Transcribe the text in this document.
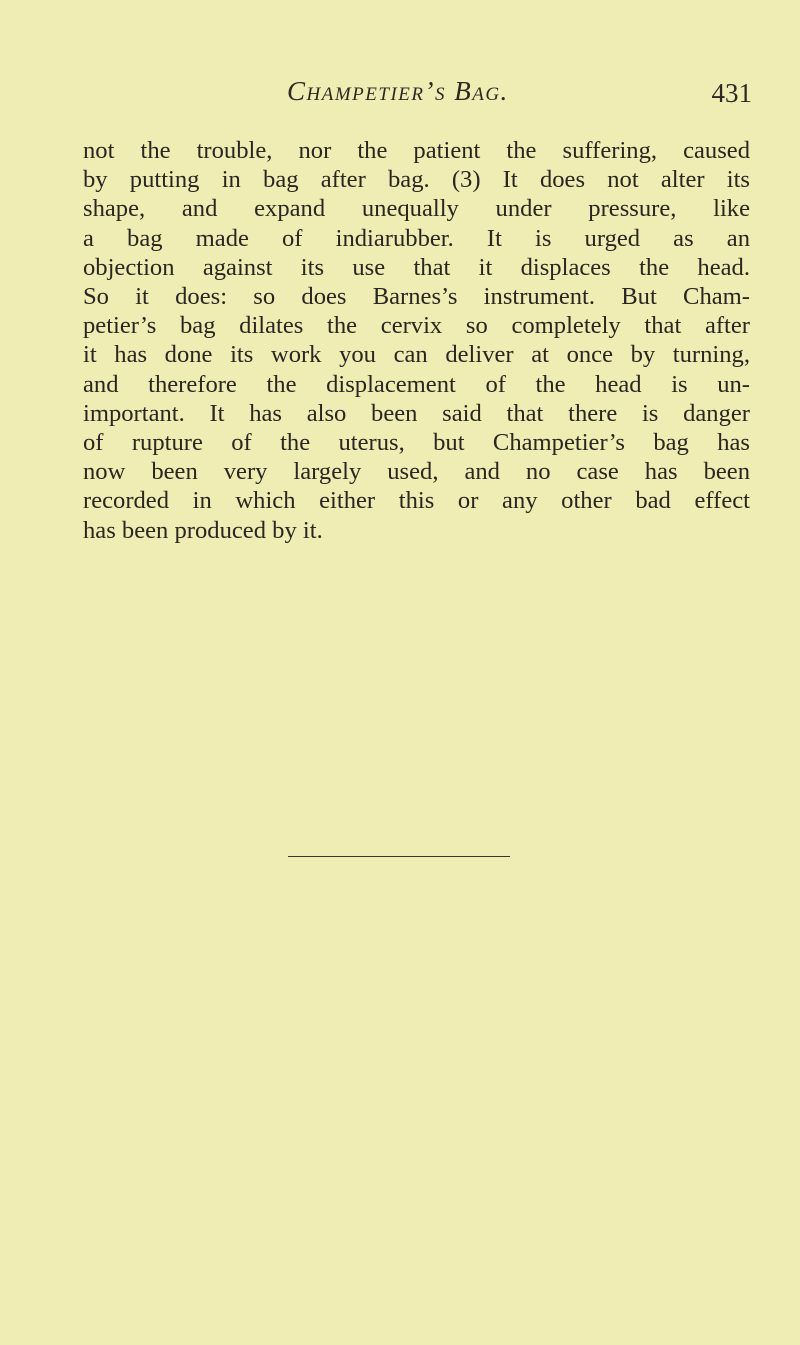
Champetier’s Bag.	431

not the trouble, nor the patient the suffering, caused
by putting in bag after bag. (3) It does not alter its
shape, and expand unequally under pressure, like
a bag made of indiarubber. It is urged as an
objection against its use that it displaces the head.
So it does: so does Barnes’s instrument. But Cham-
petier’s bag dilates the cervix so completely that after
it has done its work you can deliver at once by turning,
and therefore the displacement of the head is un-
important. It has also been said that there is danger
of rupture of the uterus, but Champetier’s bag has
now been very largely used, and no case has been
recorded in which either this or any other bad effect
has been produced by it.
